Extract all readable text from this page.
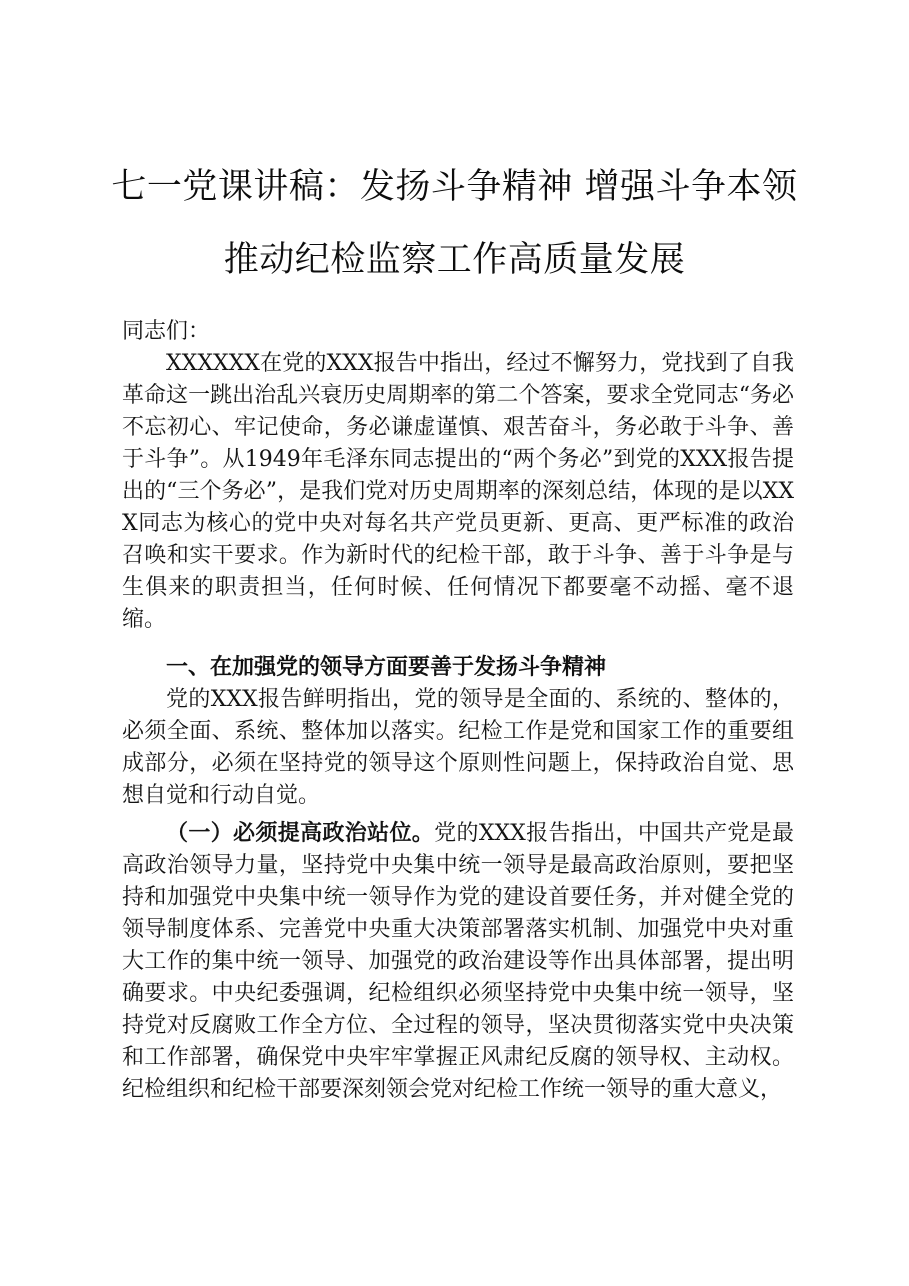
七一党课讲稿：发扬斗争精神 增强斗争本领
推动纪检监察工作高质量发展
同志们：
XXXXXX在党的XXX报告中指出，经过不懈努力，党找到了自我革命这一跳出治乱兴衰历史周期率的第二个答案，要求全党同志“务必不忘初心、牢记使命，务必谦虚谨慎、艰苦奋斗，务必敢于斗争、善于斗争”。从1949年毛泽东同志提出的“两个务必”到党的XXX报告提出的“三个务必”，是我们党对历史周期率的深刻总结，体现的是以XXX同志为核心的党中央对每名共产党员更新、更高、更严标准的政治召唤和实干要求。作为新时代的纪检干部，敢于斗争、善于斗争是与生俱来的职责担当，任何时候、任何情况下都要毫不动摇、毫不退缩。
一、在加强党的领导方面要善于发扬斗争精神
党的XXX报告鲜明指出，党的领导是全面的、系统的、整体的，必须全面、系统、整体加以落实。纪检工作是党和国家工作的重要组成部分，必须在坚持党的领导这个原则性问题上，保持政治自觉、思想自觉和行动自觉。
（一）必须提高政治站位。党的XXX报告指出，中国共产党是最高政治领导力量，坚持党中央集中统一领导是最高政治原则，要把坚持和加强党中央集中统一领导作为党的建设首要任务，并对健全党的领导制度体系、完善党中央重大决策部署落实机制、加强党中央对重大工作的集中统一领导、加强党的政治建设等作出具体部署，提出明确要求。中央纪委强调，纪检组织必须坚持党中央集中统一领导，坚持党对反腐败工作全方位、全过程的领导，坚决贯彻落实党中央决策和工作部署，确保党中央牢牢掌握正风肃纪反腐的领导权、主动权。纪检组织和纪检干部要深刻领会党对纪检工作统一领导的重大意义，
